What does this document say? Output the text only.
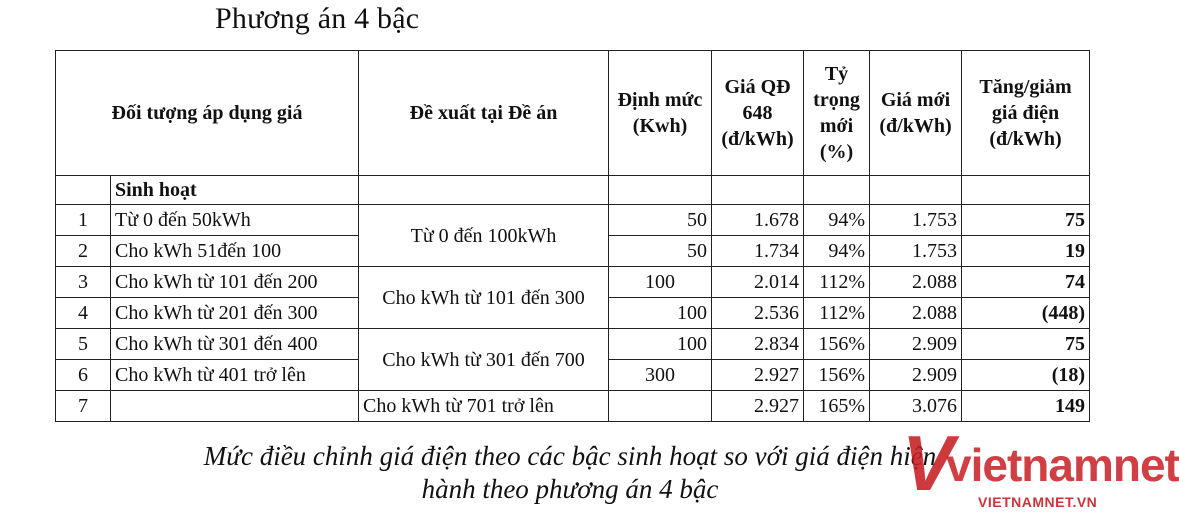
Phương án 4 bậc
Đối tượng áp dụng giá		Đề xuất tại Đề án	Định mức (Kwh)	Giá QĐ 648 (đ/kWh)	Tỷ trọng mới (%)	Giá mới (đ/kWh)	Tăng/giảm giá điện (đ/kWh)
	Sinh hoạt						
1	Từ 0 đến 50kWh	Từ 0 đến 100kWh	50	1.678	94%	1.753	75
2	Cho kWh 51đến 100		50	1.734	94%	1.753	19
3	Cho kWh từ 101 đến 200	Cho kWh từ 101 đến 300	100	2.014	112%	2.088	74
4	Cho kWh từ 201 đến 300		100	2.536	112%	2.088	(448)
5	Cho kWh từ 301 đến 400	Cho kWh từ 301 đến 700	100	2.834	156%	2.909	75
6	Cho kWh từ 401 trở lên		300	2.927	156%	2.909	(18)
7		Cho kWh từ 701 trở lên		2.927	165%	3.076	149
Mức điều chỉnh giá điện theo các bậc sinh hoạt so với giá điện hiện
hành theo phương án 4 bậc	V
vietnamnet
VIETNAMNET.VN
